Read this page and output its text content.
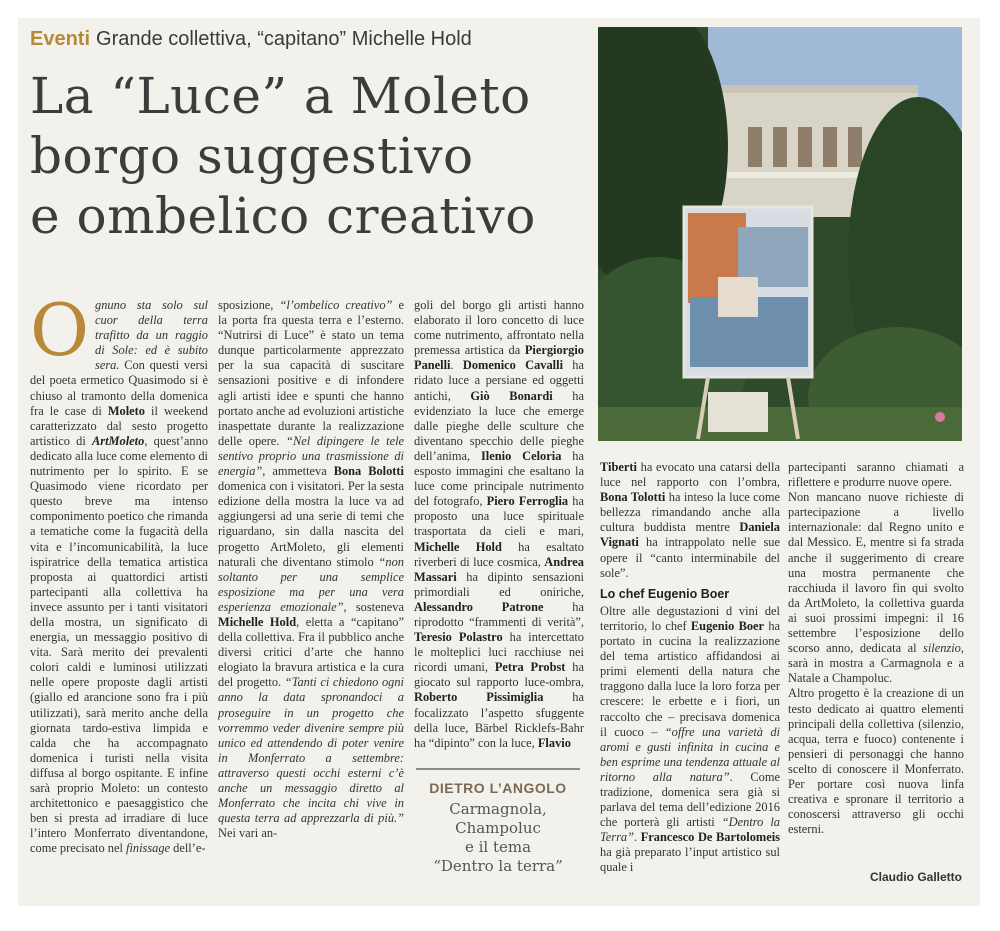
Eventi Grande collettiva, “capitano” Michelle Hold
La “Luce” a Moleto
borgo suggestivo
e ombelico creativo
Ognuno sta solo sul cuor della terra trafitto da un raggio di Sole: ed è subito sera. Con questi versi del poeta ermetico Quasimodo si è chiuso al tramonto della domenica fra le case di Moleto il weekend caratterizzato dal sesto progetto artistico di ArtMoleto, quest’anno dedicato alla luce come elemento di nutrimento per lo spirito. E se Quasimodo viene ricordato per questo breve ma intenso componimento poetico che rimanda a tematiche come la fugacità della vita e l’incomunicabilità, la luce ispiratrice della tematica artistica proposta ai quattordici artisti partecipanti alla collettiva ha invece assunto per i tanti visitatori della mostra, un significato di energia, un messaggio positivo di vita. Sarà merito dei prevalenti colori caldi e luminosi utilizzati nelle opere proposte dagli artisti (giallo ed arancione sono fra i più utilizzati), sarà merito anche della giornata tardo-estiva limpida e calda che ha accompagnato domenica i turisti nella visita diffusa al borgo ospitante. E infine sarà proprio Moleto: un contesto architettonico e paesaggistico che ben si presta ad irradiare di luce l’intero Monferrato diventandone, come precisato nel finissage dell’e-
sposizione, “l’ombelico creativo” e la porta fra questa terra e l’esterno. “Nutrirsi di Luce” è stato un tema dunque particolarmente apprezzato per la sua capacità di suscitare sensazioni positive e di infondere agli artisti idee e spunti che hanno portato anche ad evoluzioni artistiche inaspettate durante la realizzazione delle opere. “Nel dipingere le tele sentivo proprio una trasmissione di energia”, ammetteva Bona Bolotti domenica con i visitatori. Per la sesta edizione della mostra la luce va ad aggiungersi ad una serie di temi che riguardano, sin dalla nascita del progetto ArtMoleto, gli elementi naturali che diventano stimolo “non soltanto per una semplice esposizione ma per una vera esperienza emozionale”, sosteneva Michelle Hold, eletta a “capitano” della collettiva. Fra il pubblico anche diversi critici d’arte che hanno elogiato la bravura artistica e la cura del progetto. “Tanti ci chiedono ogni anno la data spronandoci a proseguire in un progetto che vorremmo veder divenire sempre più unico ed attendendo di poter venire in Monferrato a settembre: attraverso questi occhi esterni c’è anche un messaggio diretto al Monferrato che incita chi vive in questa terra ad apprezzarla di più.” Nei vari an-
goli del borgo gli artisti hanno elaborato il loro concetto di luce come nutrimento, affrontato nella premessa artistica da Piergiorgio Panelli. Domenico Cavalli ha ridato luce a persiane ed oggetti antichi, Giò Bonardi ha evidenziato la luce che emerge dalle pieghe delle sculture che diventano specchio delle pieghe dell’anima, Ilenio Celoria ha esposto immagini che esaltano la luce come principale nutrimento del fotografo, Piero Ferroglia ha proposto una luce spirituale trasportata da cieli e mari, Michelle Hold ha esaltato riverberi di luce cosmica, Andrea Massari ha dipinto sensazioni primordiali ed oniriche, Alessandro Patrone ha riprodotto “frammenti di verità”, Teresio Polastro ha intercettato le molteplici luci racchiuse nei ricordi umani, Petra Probst ha giocato sul rapporto luce-ombra, Roberto Pissimiglia ha focalizzato l’aspetto sfuggente della luce, Bärbel Ricklefs-Bahr ha “dipinto” con la luce, Flavio
DIETRO L’ANGOLO
Carmagnola,
Champoluc
e il tema
“Dentro la terra”
Tiberti ha evocato una catarsi della luce nel rapporto con l’ombra, Bona Tolotti ha inteso la luce come bellezza rimandando anche alla cultura buddista mentre Daniela Vignati ha intrappolato nelle sue opere il “canto interminabile del sole”.
Lo chef Eugenio Boer
Oltre alle degustazioni d vini del territorio, lo chef Eugenio Boer ha portato in cucina la realizzazione del tema artistico affidandosi ai primi elementi della natura che traggono dalla luce la loro forza per crescere: le erbette e i fiori, un raccolto che – precisava domenica il cuoco – “offre una varietà di aromi e gusti infinita in cucina e ben esprime una tendenza attuale al ritorno alla natura”. Come tradizione, domenica sera già si parlava del tema dell’edizione 2016 che porterà gli artisti “Dentro la Terra”. Francesco De Bartolomeis ha già preparato l’input artistico sul quale i
partecipanti saranno chiamati a riflettere e produrre nuove opere.
Non mancano nuove richieste di partecipazione a livello internazionale: dal Regno unito e dal Messico. E, mentre si fa strada anche il suggerimento di creare una mostra permanente che racchiuda il lavoro fin qui svolto da ArtMoleto, la collettiva guarda ai suoi prossimi impegni: il 16 settembre l’esposizione dello scorso anno, dedicata al silenzio, sarà in mostra a Carmagnola e a Natale a Champoluc.
Altro progetto è la creazione di un testo dedicato ai quattro elementi principali della collettiva (silenzio, acqua, terra e fuoco) contenente i pensieri di personaggi che hanno scelto di conoscere il Monferrato. Per portare così nuova linfa creativa e spronare il territorio a conoscersi attraverso gli occhi esterni.
Claudio Galletto
